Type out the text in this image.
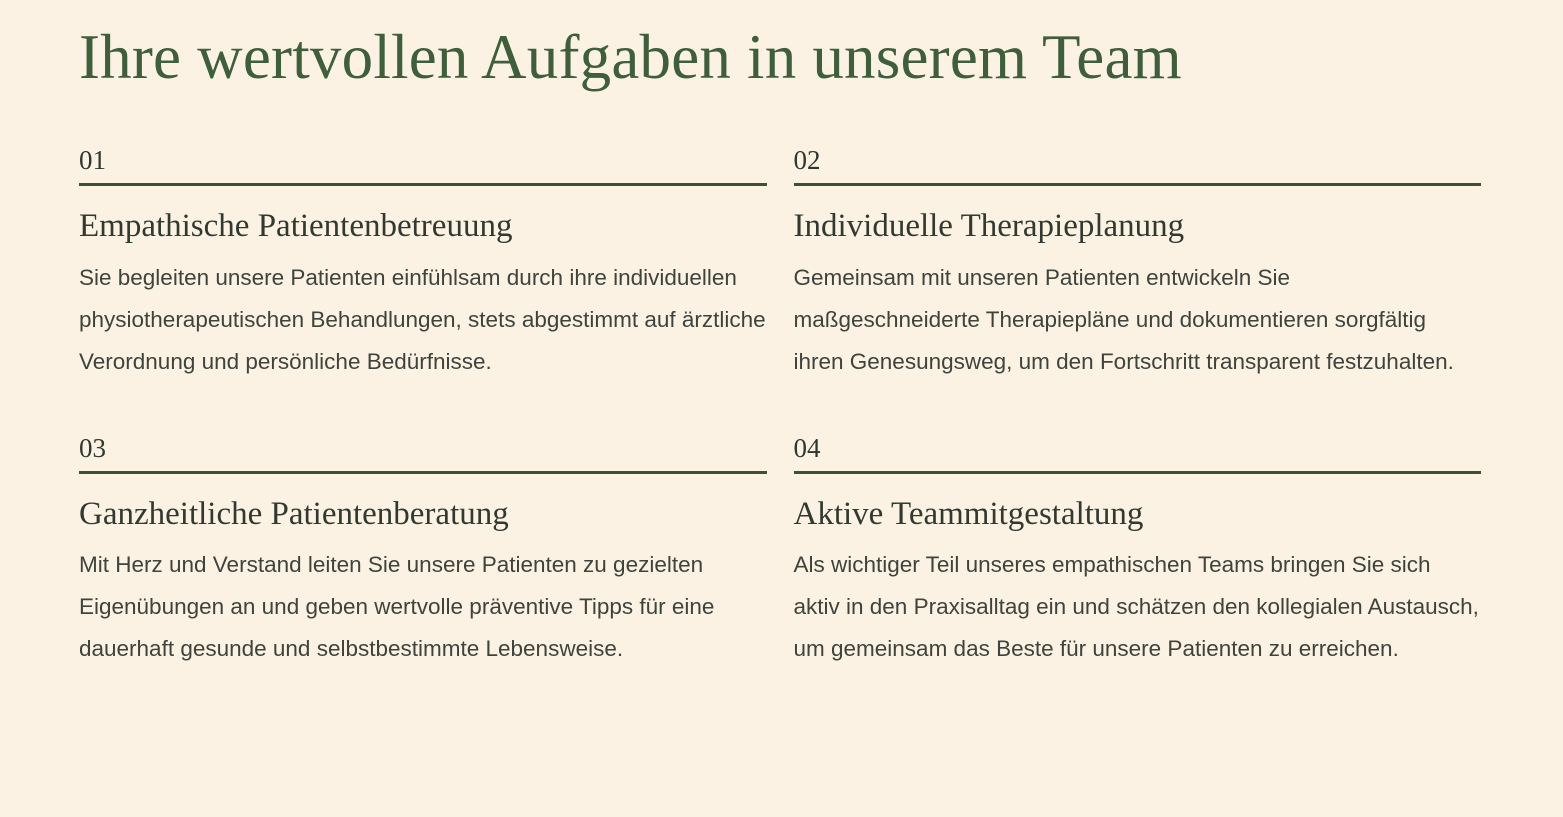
Ihre wertvollen Aufgaben in unserem Team
01
Empathische Patientenbetreuung

Sie begleiten unsere Patienten einfühlsam durch ihre individuellen physiotherapeutischen Behandlungen, stets abgestimmt auf ärztliche Verordnung und persönliche Bedürfnisse.

02
Individuelle Therapieplanung

Gemeinsam mit unseren Patienten entwickeln Sie maßgeschneiderte Therapiepläne und dokumentieren sorgfältig ihren Genesungsweg, um den Fortschritt transparent festzuhalten.

03
Ganzheitliche Patientenberatung

Mit Herz und Verstand leiten Sie unsere Patienten zu gezielten Eigenübungen an und geben wertvolle präventive Tipps für eine dauerhaft gesunde und selbstbestimmte Lebensweise.

04
Aktive Teammitgestaltung

Als wichtiger Teil unseres empathischen Teams bringen Sie sich aktiv in den Praxisalltag ein und schätzen den kollegialen Austausch, um gemeinsam das Beste für unsere Patienten zu erreichen.
